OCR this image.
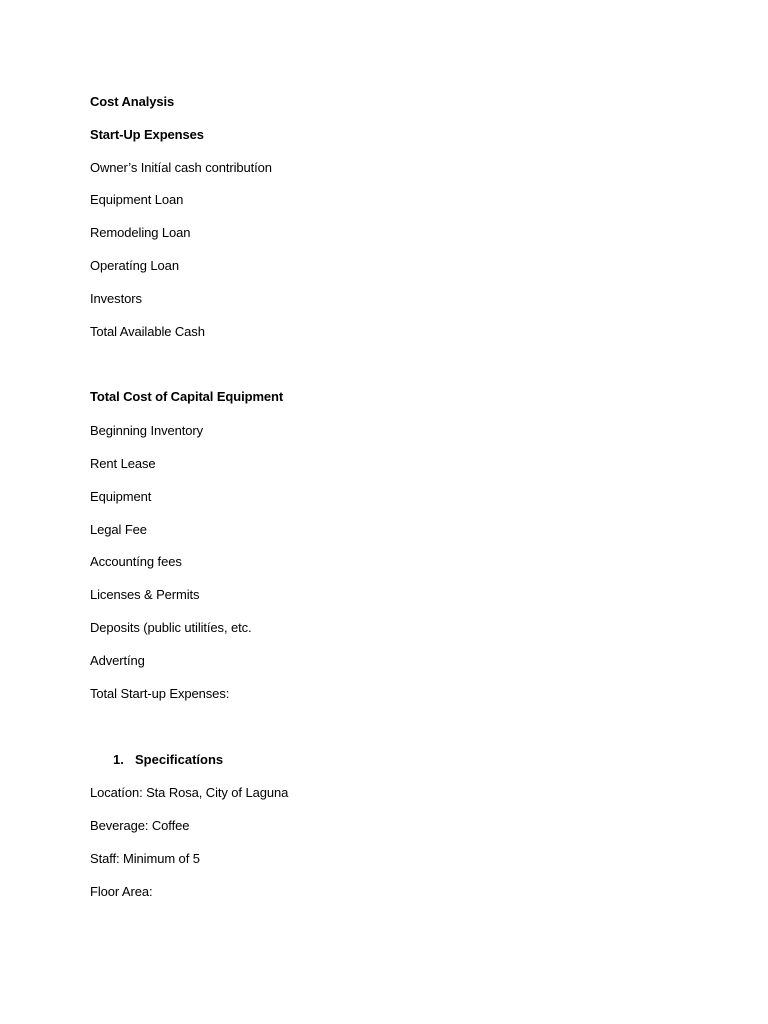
Cost Analysis
Start-Up Expenses
Owner’s Initíal cash contributíon
Equipment Loan
Remodeling Loan
Operatíng Loan
Investors
Total Available Cash
Total Cost of Capital Equipment
Beginning Inventory
Rent Lease
Equipment
Legal Fee
Accountíng fees
Licenses & Permits
Deposits (public utilitíes, etc.
Advertíng
Total Start-up Expenses:
1. Specificatíons
Locatíon: Sta Rosa, City of Laguna
Beverage: Coffee
Staff: Minimum of 5
Floor Area:
